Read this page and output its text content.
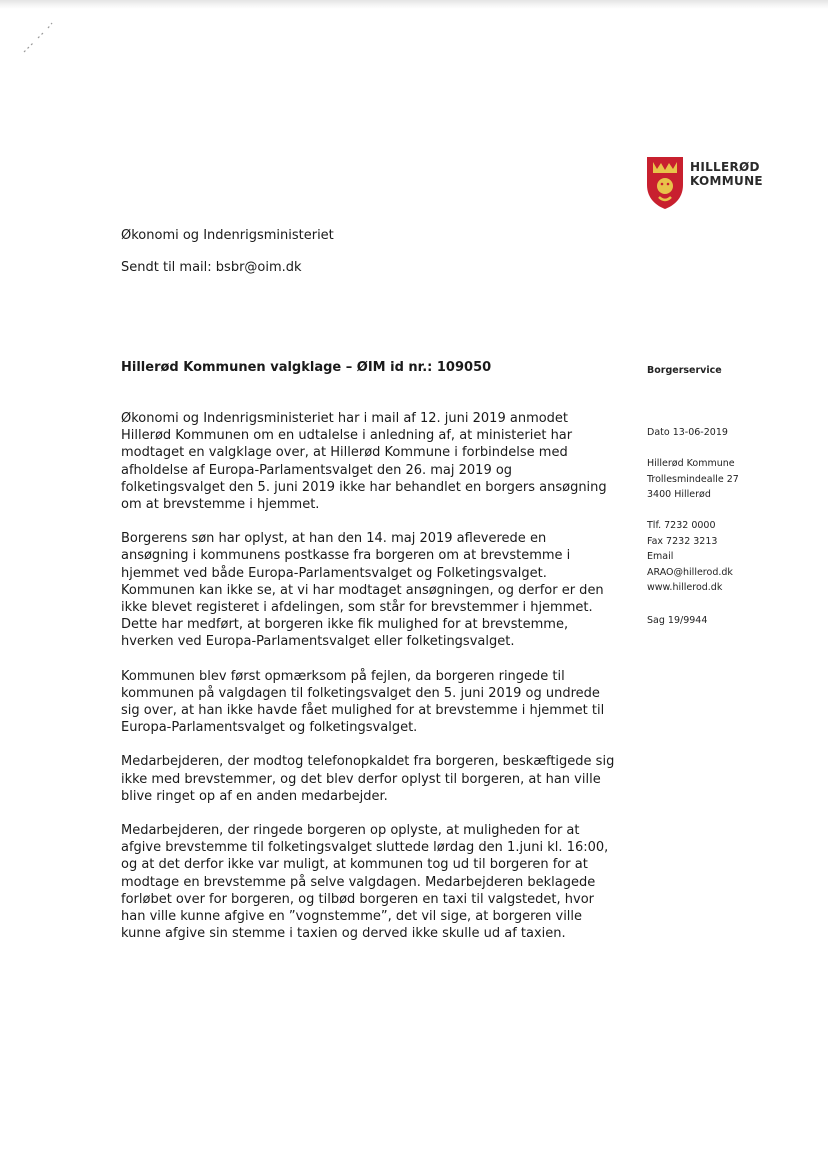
HILLERØD
KOMMUNE
Økonomi og Indenrigsministeriet
Sendt til mail: bsbr@oim.dk
Hillerød Kommunen valgklage – ØIM id nr.: 109050

Økonomi og Indenrigsministeriet har i mail af 12. juni 2019 anmodet Hillerød Kommunen om en udtalelse i anledning af, at ministeriet har modtaget en valgklage over, at Hillerød Kommune i forbindelse med afholdelse af Europa-Parlamentsvalget den 26. maj 2019 og folketingsvalget den 5. juni 2019 ikke har behandlet en borgers ansøgning om at brevstemme i hjemmet.

Borgerens søn har oplyst, at han den 14. maj 2019 afleverede en ansøgning i kommunens postkasse fra borgeren om at brevstemme i hjemmet ved både Europa-Parlamentsvalget og Folketingsvalget. Kommunen kan ikke se, at vi har modtaget ansøgningen, og derfor er den ikke blevet registeret i afdelingen, som står for brevstemmer i hjemmet. Dette har medført, at borgeren ikke fik mulighed for at brevstemme, hverken ved Europa-Parlamentsvalget eller folketingsvalget.

Kommunen blev først opmærksom på fejlen, da borgeren ringede til kommunen på valgdagen til folketingsvalget den 5. juni 2019 og undrede sig over, at han ikke havde fået mulighed for at brevstemme i hjemmet til Europa-Parlamentsvalget og folketingsvalget.

Medarbejderen, der modtog telefonopkaldet fra borgeren, beskæftigede sig ikke med brevstemmer, og det blev derfor oplyst til borgeren, at han ville blive ringet op af en anden medarbejder.

Medarbejderen, der ringede borgeren op oplyste, at muligheden for at afgive brevstemme til folketingsvalget sluttede lørdag den 1.juni kl. 16:00, og at det derfor ikke var muligt, at kommunen tog ud til borgeren for at modtage en brevstemme på selve valgdagen. Medarbejderen beklagede forløbet over for borgeren, og tilbød borgeren en taxi til valgstedet, hvor han ville kunne afgive en ”vognstemme”, det vil sige, at borgeren ville kunne afgive sin stemme i taxien og derved ikke skulle ud af taxien.

Borgerservice
Dato 13-06-2019
Hillerød Kommune
Trollesmindealle 27
3400 Hillerød
Tlf. 7232 0000
Fax 7232 3213
Email
ARAO@hillerod.dk
www.hillerod.dk
Sag 19/9944
